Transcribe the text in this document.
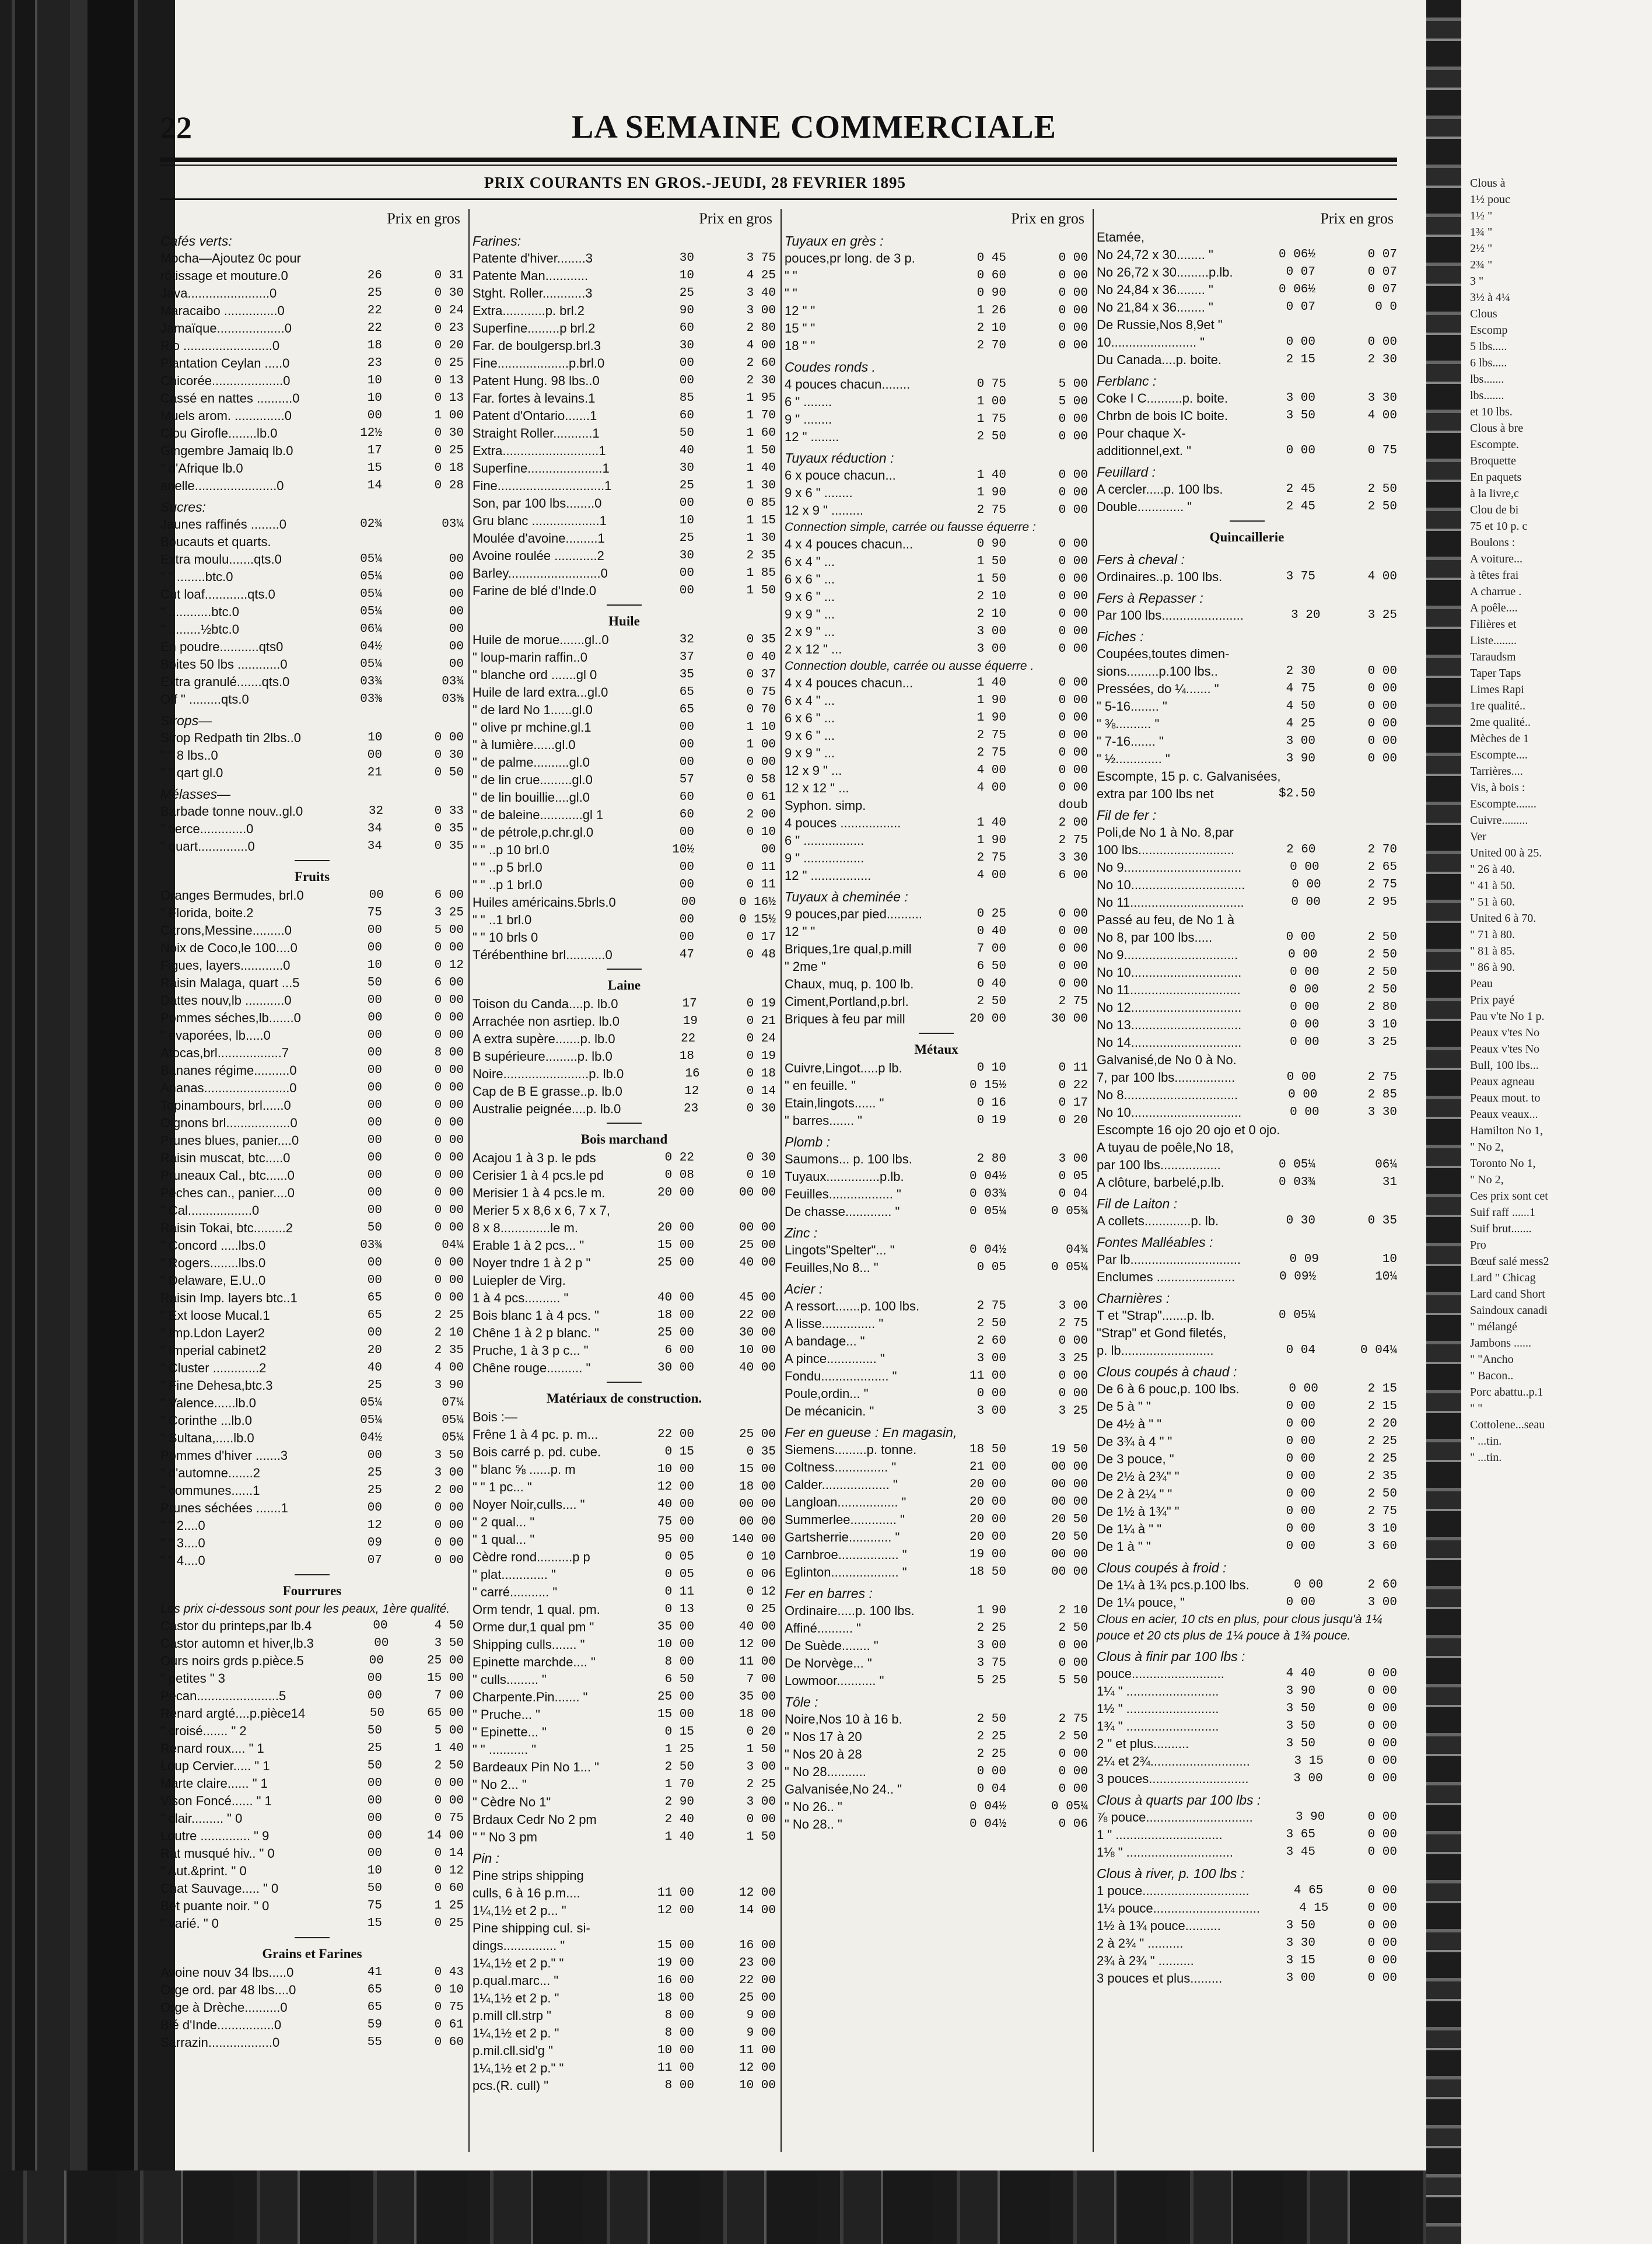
Clous à
1½ pouc
1½ "
1¾ "
2½ "
2¾ "
3 "
3½ à 4¼
Clous
Escomp
5 lbs.....
6 lbs.....
lbs.......
lbs.......
et 10 lbs.
Clous à bre
Escompte.
Broquette
En paquets
à la livre,c
Clou de bi
75 et 10 p. c
Boulons :
A voiture...
à têtes frai
A charrue .
A poêle....
Filières et
Liste........
Taraudsm
Taper Taps
Limes Rapi
1re qualité..
2me qualité..
Mèches de 1
Escompte....
Tarrières....
Vis, à bois :
Escompte.......
Cuivre.........
Ver
United 00 à 25.
" 26 à 40.
" 41 à 50.
" 51 à 60.
United 6 à 70.
" 71 à 80.
" 81 à 85.
" 86 à 90.
Peau
Prix payé
Pau v'te No 1 p.
Peaux v'tes No
Peaux v'tes No
Bull, 100 lbs...
Peaux agneau
Peaux mout. to
Peaux veaux...
Hamilton No 1,
" No 2,
Toronto No 1,
" No 2,
Ces prix sont cet
Suif raff ......1
Suif brut.......
Pro
Bœuf salé mess2
Lard " Chicag
Lard cand Short
Saindoux canadi
" mélangé
Jambons ......
" "Ancho
" Bacon..
Porc abattu..p.1
" "
Cottolene...seau
" ...tin.
" ...tin.
22	LA SEMAINE COMMERCIALE
PRIX COURANTS EN GROS.-JEUDI, 28 FEVRIER 1895
Prix en gros
Cafés verts:
Mocha—Ajoutez 0c pour
rôtissage et mouture.0	26	0 31
Java.......................0	25	0 30
Maracaibo ...............0	22	0 24
Jamaïque...................0	22	0 23
Rio .........................0	18	0 20
Plantation Ceylan .....0	23	0 25
Chicorée....................0	10	0 13
Cassé en nattes ..........0	10	0 13
Muels arom. ..............0	00	1 00
Clou Girofle........lb.0	12½	0 30
Gingembre Jamaiq lb.0	17	0 25
" d'Afrique lb.0	15	0 18
anelle.......................0	14	0 28
Sucres:
Jaunes raffinés ........0	02¾	03¼
Boucauts et quarts.
Extra moulu.......qts.0	05¼	00
" " ........btc.0	05¼	00
Cut loaf............qts.0	05¼	00
" ............btc.0	05¼	00
" .........½btc.0	06¼	00
En poudre...........qts0	04½	00
Boites 50 lbs ............0	05¼	00
Extra granulé.......qts.0	03¾	03¾
Off " .........qts.0	03⅜	03⅝
Sirops—
Sirop Redpath tin 2lbs..0	10	0 00
" " 8 lbs..0	00	0 30
" " qart gl.0	21	0 50
Mélasses—
Barbade tonne nouv..gl.0	32	0 33
" tierce.............0	34	0 35
" quart..............0	34	0 35
Fruits
Oranges Bermudes, brl.0	00	6 00
" Florida, boite.2	75	3 25
Citrons,Messine.........0	00	5 00
Noix de Coco,le 100....0	00	0 00
Figues, layers............0	10	0 12
Raisin Malaga, quart ...5	50	6 00
Dattes nouv,lb ...........0	00	0 00
Pommes séches,lb.......0	00	0 00
" évaporées, lb.....0	00	0 00
Atocas,brl..................7	00	8 00
Bananes régime..........0	00	0 00
Ananas........................0	00	0 00
Topinambours, brl......0	00	0 00
Oignons brl..................0	00	0 00
Prunes blues, panier....0	00	0 00
Raisin muscat, btc.....0	00	0 00
Pruneaux Cal., btc......0	00	0 00
Pêches can., panier....0	00	0 00
" Cal..................0	00	0 00
Raisin Tokai, btc.........2	50	0 00
" Concord .....lbs.0	03¾	04¼
" Rogers........lbs.0	00	0 00
" Delaware, E.U..0	00	0 00
Raisin Imp. layers btc..1	65	0 00
" Ext loose Mucal.1	65	2 25
" Imp.Ldon Layer2	00	2 10
" Imperial cabinet2	20	2 35
" Cluster .............2	40	4 00
" Fine Dehesa,btc.3	25	3 90
" Valence......lb.0	05¼	07¼
" Corinthe ...lb.0	05¼	05¼
" Sultana,.....lb.0	04½	05¼
Pommes d'hiver .......3	00	3 50
" d'automne.......2	25	3 00
" communes......1	25	2 00
Prunes séchées .......1	00	0 00
" " 2....0	12	0 00
" " 3....0	09	0 00
" " 4....0	07	0 00
Fourrures
Les prix ci-dessous sont pour les peaux, 1ère qualité.
Castor du printeps,par lb.4	00	4 50
Castor automn et hiver,lb.3	00	3 50
Ours noirs grds p.pièce.5	00	25 00
" petites " 3	00	15 00
Pécan.......................5	00	7 00
Renard argté....p.pièce14	50	65 00
" croisé....... " 2	50	5 00
Renard roux.... " 1	25	1 40
Loup Cervier..... " 1	50	2 50
Marte claire...... " 1	00	0 00
Vison Foncé...... " 1	00	0 00
" clair......... " 0	00	0 75
Loutre .............. " 9	00	14 00
Rat musqué hiv.. " 0	00	0 14
" Aut.&print. " 0	10	0 12
Chat Sauvage..... " 0	50	0 60
Bêt puante noir. " 0	75	1 25
" varié. " 0	15	0 25
Grains et Farines
Avoine nouv 34 lbs.....0	41	0 43
Orge ord. par 48 lbs....0	65	0 10
Orge à Drèche..........0	65	0 75
Blé d'Inde................0	59	0 61
Sarrazin..................0	55	0 60
Prix en gros
Farines:
Patente d'hiver........3	30	3 75
Patente Man............	10	4 25
Stght. Roller............3	25	3 40
Extra............p. brl.2	90	3 00
Superfine.........p brl.2	60	2 80
Far. de boulgersp.brl.3	30	4 00
Fine....................p.brl.0	00	2 60
Patent Hung. 98 lbs..0	00	2 30
Far. fortes à levains.1	85	1 95
Patent d'Ontario.......1	60	1 70
Straight Roller...........1	50	1 60
Extra...........................1	40	1 50
Superfine.....................1	30	1 40
Fine..............................1	25	1 30
Son, par 100 lbs........0	00	0 85
Gru blanc ...................1	10	1 15
Moulée d'avoine.........1	25	1 30
Avoine roulée ............2	30	2 35
Barley..........................0	00	1 85
Farine de blé d'Inde.0	00	1 50
Huile
Huile de morue.......gl..0	32	0 35
" loup-marin raffin..0	37	0 40
" blanche ord .......gl 0	35	0 37
Huile de lard extra...gl.0	65	0 75
" de lard No 1......gl.0	65	0 70
" olive pr mchine.gl.1	00	1 10
" à lumière......gl.0	00	1 00
" de palme..........gl.0	00	0 00
" de lin crue.........gl.0	57	0 58
" de lin bouillie....gl.0	60	0 61
" de baleine............gl 1	60	2 00
" de pétrole,p.chr.gl.0	00	0 10
" " ..p 10 brl.0	10½	00
" " ..p 5 brl.0	00	0 11
" " ..p 1 brl.0	00	0 11
Huiles américains.5brls.0	00	0 16½
" " ..1 brl.0	00	0 15½
" " 10 brls 0	00	0 17
Térébenthine brl...........0	47	0 48
Laine
Toison du Canda....p. lb.0	17	0 19
Arrachée non asrtiep. lb.0	19	0 21
A extra supère.......p. lb.0	22	0 24
B supérieure.........p. lb.0	18	0 19
Noire........................p. lb.0	16	0 18
Cap de B E grasse..p. lb.0	12	0 14
Australie peignée....p. lb.0	23	0 30
Bois marchand
Acajou 1 à 3 p. le pds	0 22	0 30
Cerisier 1 à 4 pcs.le pd	0 08	0 10
Merisier 1 à 4 pcs.le m.	20 00	00 00
Merier 5 x 8,6 x 6, 7 x 7,
8 x 8..............le m.	20 00	00 00
Erable 1 à 2 pcs... "	15 00	25 00
Noyer tndre 1 à 2 p "	25 00	40 00
Luiepler de Virg.
1 à 4 pcs.......... "	40 00	45 00
Bois blanc 1 à 4 pcs. "	18 00	22 00
Chêne 1 à 2 p blanc. "	25 00	30 00
Pruche, 1 à 3 p c... "	6 00	10 00
Chêne rouge.......... "	30 00	40 00
Matériaux de construction.
Bois :—
Frêne 1 à 4 pc. p. m...	22 00	25 00
Bois carré p. pd. cube.	0 15	0 35
" blanc ⅝ ......p. m	10 00	15 00
" " 1 pc... "	12 00	18 00
Noyer Noir,culls.... "	40 00	00 00
" 2 qual... "	75 00	00 00
" 1 qual... "	95 00	140 00
Cèdre rond..........p p	0 05	0 10
" plat............. "	0 05	0 06
" carré........... "	0 11	0 12
Orm tendr, 1 qual. pm.	0 13	0 25
Orme dur,1 qual pm "	35 00	40 00
Shipping culls....... "	10 00	12 00
Epinette marchde.... "	8 00	11 00
" culls......... "	6 50	7 00
Charpente.Pin....... "	25 00	35 00
" Pruche... "	15 00	18 00
" Epinette... "	0 15	0 20
" " ........... "	1 25	1 50
Bardeaux Pin No 1... "	2 50	3 00
" No 2... "	1 70	2 25
" Cèdre No 1"	2 90	3 00
Brdaux Cedr No 2 pm	2 40	0 00
" " No 3 pm	1 40	1 50
Pin :
Pine strips shipping
culls, 6 à 16 p.m....	11 00	12 00
1¼,1½ et 2 p... "	12 00	14 00
Pine shipping cul. si-
dings............... "	15 00	16 00
1¼,1½ et 2 p." "	19 00	23 00
p.qual.marc... "	16 00	22 00
1¼,1½ et 2 p. "	18 00	25 00
p.mill cll.strp "	8 00	9 00
1¼,1½ et 2 p. "	8 00	9 00
p.mil.cll.sid'g "	10 00	11 00
1¼,1½ et 2 p." "	11 00	12 00
pcs.(R. cull) "	8 00	10 00
Prix en gros
Tuyaux en grès :
pouces,pr long. de 3 p.	0 45	0 00
" "	0 60	0 00
" "	0 90	0 00
12 " "	1 26	0 00
15 " "	2 10	0 00
18 " "	2 70	0 00
Coudes ronds .
4 pouces chacun........	0 75	5 00
6 " ........	1 00	5 00
9 " ........	1 75	0 00
12 " ........	2 50	0 00
Tuyaux réduction :
6 x pouce chacun...	1 40	0 00
9 x 6 " ........	1 90	0 00
12 x 9 " .........	2 75	0 00
Connection simple, carrée ou fausse équerre :
4 x 4 pouces chacun...	0 90	0 00
6 x 4 " ...	1 50	0 00
6 x 6 " ...	1 50	0 00
9 x 6 " ...	2 10	0 00
9 x 9 " ...	2 10	0 00
2 x 9 " ...	3 00	0 00
2 x 12 " ...	3 00	0 00
Connection double, carrée ou ausse équerre .
4 x 4 pouces chacun...	1 40	0 00
6 x 4 " ...	1 90	0 00
6 x 6 " ...	1 90	0 00
9 x 6 " ...	2 75	0 00
9 x 9 " ...	2 75	0 00
12 x 9 " ...	4 00	0 00
12 x 12 " ...	4 00	0 00
Syphon. simp.	doub
4 pouces .................	1 40	2 00
6 " .................	1 90	2 75
9 " .................	2 75	3 30
12 " .................	4 00	6 00
Tuyaux à cheminée :
9 pouces,par pied..........	0 25	0 00
12 " "	0 40	0 00
Briques,1re qual,p.mill	7 00	0 00
" 2me "	6 50	0 00
Chaux, muq, p. 100 lb.	0 40	0 00
Ciment,Portland,p.brl.	2 50	2 75
Briques à feu par mill	20 00	30 00
Métaux
Cuivre,Lingot.....p lb.	0 10	0 11
" en feuille. "	0 15½	0 22
Etain,lingots...... "	0 16	0 17
" barres....... "	0 19	0 20
Plomb :
Saumons... p. 100 lbs.	2 80	3 00
Tuyaux...............p.lb.	0 04½	0 05
Feuilles.................. "	0 03¾	0 04
De chasse............. "	0 05¼	0 05¾
Zinc :
Lingots"Spelter"... "	0 04½	04¾
Feuilles,No 8... "	0 05	0 05¼
Acier :
A ressort.......p. 100 lbs.	2 75	3 00
A lisse............... "	2 50	2 75
A bandage... "	2 60	0 00
A pince.............. "	3 00	3 25
Fondu................... "	11 00	0 00
Poule,ordin... "	0 00	0 00
De mécanicin. "	3 00	3 25
Fer en gueuse : En magasin,
Siemens.........p. tonne.	18 50	19 50
Coltness............... "	21 00	00 00
Calder................... "	20 00	00 00
Langloan................. "	20 00	00 00
Summerlee............. "	20 00	20 50
Gartsherrie............ "	20 00	20 50
Carnbroe................. "	19 00	00 00
Eglinton................... "	18 50	00 00
Fer en barres :
Ordinaire.....p. 100 lbs.	1 90	2 10
Affiné.......... "	2 25	2 50
De Suède........ "	3 00	0 00
De Norvège... "	3 75	0 00
Lowmoor........... "	5 25	5 50
Tôle :
Noire,Nos 10 à 16 b.	2 50	2 75
" Nos 17 à 20	2 25	2 50
" Nos 20 à 28	2 25	0 00
" No 28...........	0 00	0 00
Galvanisée,No 24.. "	0 04	0 00
" No 26.. "	0 04½	0 05¼
" No 28.. "	0 04½	0 06
Prix en gros
Etamée,
No 24,72 x 30........ "	0 06½	0 07
No 26,72 x 30.........p.lb.	0 07	0 07
No 24,84 x 36........ "	0 06½	0 07
No 21,84 x 36........ "	0 07	0 0
De Russie,Nos 8,9et "
10........................ "	0 00	0 00
Du Canada....p. boite.	2 15	2 30
Ferblanc :
Coke I C..........p. boite.	3 00	3 30
Chrbn de bois IC boite.	3 50	4 00
Pour chaque X-
additionnel,ext. "	0 00	0 75
Feuillard :
A cercler.....p. 100 lbs.	2 45	2 50
Double............. "	2 45	2 50
Quincaillerie
Fers à cheval :
Ordinaires..p. 100 lbs.	3 75	4 00
Fers à Repasser :
Par 100 lbs.......................	3 20	3 25
Fiches :
Coupées,toutes dimen-
sions.........p.100 lbs..	2 30	0 00
Pressées, do ¼....... "	4 75	0 00
" 5-16........ "	4 50	0 00
" ⅜.......... "	4 25	0 00
" 7-16....... "	3 00	0 00
" ½............. "	3 90	0 00
Escompte, 15 p. c. Galvanisées,
extra par 100 lbs net	$2.50
Fil de fer :
Poli,de No 1 à No. 8,par
100 lbs...........................	2 60	2 70
No 9.................................	0 00	2 65
No 10................................	0 00	2 75
No 11................................	0 00	2 95
Passé au feu, de No 1 à
No 8, par 100 lbs.....	0 00	2 50
No 9................................	0 00	2 50
No 10...............................	0 00	2 50
No 11...............................	0 00	2 50
No 12...............................	0 00	2 80
No 13...............................	0 00	3 10
No 14...............................	0 00	3 25
Galvanisé,de No 0 à No.
7, par 100 lbs.................	0 00	2 75
No 8................................	0 00	2 85
No 10...............................	0 00	3 30
Escompte 16 ojo 20 ojo et 0 ojo.
A tuyau de poêle,No 18,
par 100 lbs.................	0 05¼	06¼
A clôture, barbelé,p.lb.	0 03¾	31
Fil de Laiton :
A collets.............p. lb.	0 30	0 35
Fontes Malléables :
Par lb...............................	0 09	10
Enclumes ......................	0 09½	10¼
Charnières :
T et "Strap".......p. lb.	0 05¼
"Strap" et Gond filetés,
p. lb..........................	0 04	0 04¼
Clous coupés à chaud :
De 6 à 6 pouc,p. 100 lbs.	0 00	2 15
De 5 à " "	0 00	2 15
De 4½ à " "	0 00	2 20
De 3¾ à 4 " "	0 00	2 25
De 3 pouce, "	0 00	2 25
De 2½ à 2¾" "	0 00	2 35
De 2 à 2¼ " "	0 00	2 50
De 1½ à 1¾" "	0 00	2 75
De 1¼ à " "	0 00	3 10
De 1 à " "	0 00	3 60
Clous coupés à froid :
De 1¼ à 1¾ pcs.p.100 lbs.	0 00	2 60
De 1¼ pouce, "	0 00	3 00
Clous en acier, 10 cts en plus, pour clous jusqu'à 1¼ pouce et 20 cts plus de 1¼ pouce à 1¾ pouce.
Clous à finir par 100 lbs :
pouce..........................	4 40	0 00
1¼ " ..........................	3 90	0 00
1½ " ..........................	3 50	0 00
1¾ " ..........................	3 50	0 00
2 " et plus..........	3 50	0 00
2¼ et 2¾............................	3 15	0 00
3 pouces............................	3 00	0 00
Clous à quarts par 100 lbs :
⅞ pouce..............................	3 90	0 00
1 " ..............................	3 65	0 00
1⅛ " ..............................	3 45	0 00
Clous à river, p. 100 lbs :
1 pouce..............................	4 65	0 00
1¼ pouce..............................	4 15	0 00
1½ à 1¾ pouce..........	3 50	0 00
2 à 2¾ " ..........	3 30	0 00
2¾ à 2¾ " ..........	3 15	0 00
3 pouces et plus.........	3 00	0 00
